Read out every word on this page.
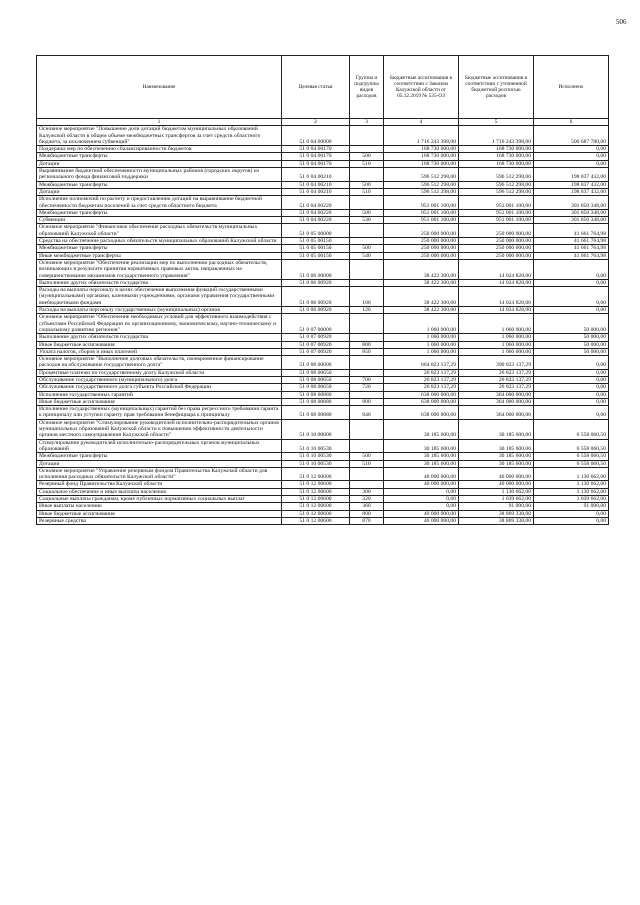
506
Наименование	Целевая статья	Группы и подгруппы видов расходов	Бюджетные ассигнования в соответствии с Законом Калужской области от 05.12.2019 № 535-ОЗ	Бюджетные ассигнования в соответствии с уточненной бюджетной росписью расходов	Исполнено
1	2	3	4	5	6
Основное мероприятие "Повышение доли дотаций бюджетам муниципальных образований Калужской области в общем объеме межбюджетных трансфертов за счет средств областного бюджета, за исключением субвенций"	51 0 04 00000		1 716 243 398,00	1 716 243 398,00	500 687 780,00
Поддержка мер по обеспечению сбалансированности бюджетов	51 0 04 00170		168 730 000,00	168 730 000,00	0,00
Межбюджетные трансферты	51 0 04 00170	500	168 730 000,00	168 730 000,00	0,00
Дотации	51 0 04 00170	510	168 730 000,00	168 730 000,00	0,00
Выравнивание бюджетной обеспеченности муниципальных районов (городских округов) из регионального фонда финансовой поддержки	51 0 04 00210		596 512 298,00	596 512 298,00	198 837 432,00
Межбюджетные трансферты	51 0 04 00210	500	596 512 298,00	596 512 298,00	198 837 432,00
Дотации	51 0 04 00210	510	596 512 298,00	596 512 298,00	198 837 432,00
Исполнение полномочий по расчету и предоставлению дотаций на выравнивание бюджетной обеспеченности бюджетам поселений за счет средств областного бюджета	51 0 04 00220		951 001 100,00	951 001 100,00	301 850 348,00
Межбюджетные трансферты	51 0 04 00220	500	951 001 100,00	951 001 100,00	301 850 348,00
Субвенции	51 0 04 00220	530	951 001 100,00	951 001 100,00	301 850 348,00
Основное мероприятие "Финансовое обеспечение расходных обязательств муниципальных образований Калужской области"	51 0 05 00000		250 000 000,00	250 000 000,00	41 661 764,98
Средства на обеспечение расходных обязательств муниципальных образований Калужской области	51 0 05 00150		250 000 000,00	250 000 000,00	41 661 764,98
Межбюджетные трансферты	51 0 05 00150	500	250 000 000,00	250 000 000,00	41 661 764,98
Иные межбюджетные трансферты	51 0 05 00150	540	250 000 000,00	250 000 000,00	41 661 764,98
Основное мероприятие "Обеспечение реализации мер по выполнению расходных обязательств, возникающих в результате принятия нормативных правовых актов, направленных на совершенствование механизмов государственного управления"	51 0 06 00000		38 422 300,00	14 024 828,00	0,00
Выполнение других обязательств государства	51 0 06 00920		38 422 300,00	14 024 828,00	0,00
Расходы на выплаты персоналу в целях обеспечения выполнения функций государственными (муниципальными) органами, казенными учреждениями, органами управления государственными внебюджетными фондами	51 0 06 00920	100	38 422 300,00	14 024 828,00	0,00
Расходы на выплаты персоналу государственных (муниципальных) органов	51 0 06 00920	120	38 422 300,00	14 024 828,00	0,00
Основное мероприятие "Обеспечение необходимых условий для эффективного взаимодействия с субъектами Российской Федерации по организационному, экономическому, научно-техническому и социальному развитию регионов"	51 0 07 00000		1 060 000,00	1 060 000,00	50 000,00
Выполнение других обязательств государства	51 0 07 00920		1 060 000,00	1 060 000,00	50 000,00
Иные бюджетные ассигнования	51 0 07 00920	800	1 060 000,00	1 060 000,00	50 000,00
Уплата налогов, сборов и иных платежей	51 0 07 00920	850	1 060 000,00	1 060 000,00	50 000,00
Основное мероприятие "Выполнение долговых обязательств, своевременное финансирование расходов на обслуживание государственного долга"	51 0 08 00000		664 823 137,29	390 823 137,29	0,00
Процентные платежи по государственному долгу Калужской области	51 0 08 00650		26 823 137,29	26 823 137,29	0,00
Обслуживание государственного (муниципального) долга	51 0 08 00650	700	26 823 137,29	26 823 137,29	0,00
Обслуживание государственного долга субъекта Российской Федерации	51 0 08 00650	720	26 823 137,29	26 823 137,29	0,00
Исполнение государственных гарантий	51 0 08 00880		638 000 000,00	364 000 000,00	0,00
Иные бюджетные ассигнования	51 0 08 00880	800	638 000 000,00	364 000 000,00	0,00
Исполнение государственных (муниципальных) гарантий без права регрессного требования гаранта к принципалу или уступки гаранту прав требования бенефициара к принципалу	51 0 08 00880	840	638 000 000,00	364 000 000,00	0,00
Основное мероприятие "Стимулирование руководителей исполнительно-распорядительных органов муниципальных образований Калужской области к повышению эффективности деятельности органов местного самоуправления Калужской области"	51 0 10 00000		30 185 600,00	30 185 600,00	6 558 060,50
Стимулирование руководителей исполнительно-распорядительных органов муниципальных образований	51 0 10 00530		30 185 600,00	30 185 600,00	6 558 060,50
Межбюджетные трансферты	51 0 10 00530	500	30 185 600,00	30 185 600,00	6 558 060,50
Дотации	51 0 10 00530	510	30 185 600,00	30 185 600,00	6 558 060,50
Основное мероприятие "Управление резервным фондом Правительства Калужской области для исполнения расходных обязательств Калужской области"	51 0 12 00000		40 000 000,00	40 000 000,00	1 130 662,00
Резервный фонд Правительства Калужской области	51 0 12 00600		40 000 000,00	40 000 000,00	1 130 662,00
Социальное обеспечение и иные выплаты населению	51 0 12 00600	300	0,00	1 130 662,00	1 130 662,00
Социальные выплаты гражданам, кроме публичных нормативных социальных выплат	51 0 12 00600	320	0,00	1 039 662,00	1 039 662,00
Иные выплаты населению	51 0 12 00600	360	0,00	91 000,00	91 000,00
Иные бюджетные ассигнования	51 0 12 00600	800	40 000 000,00	38 869 338,00	0,00
Резервные средства	51 0 12 00600	870	40 000 000,00	38 869 338,00	0,00
